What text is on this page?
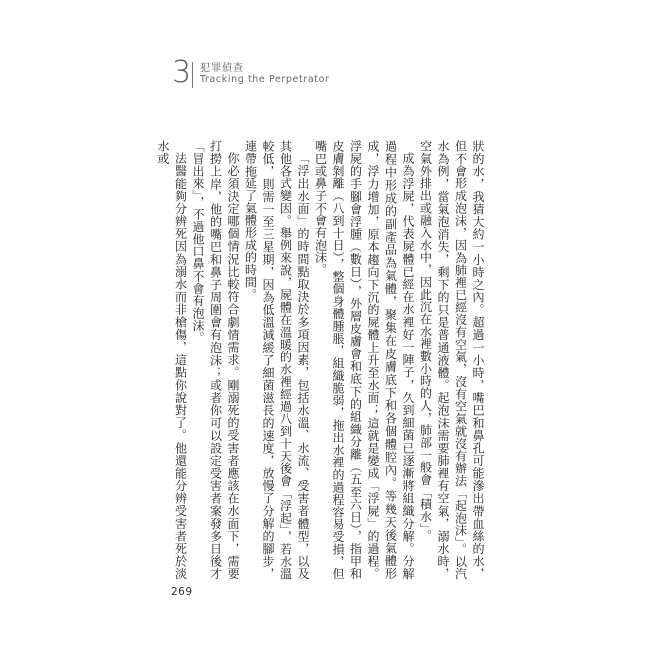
3 犯罪偵查
Tracking the Perpetrator

狀的水，我猜大約一小時之內。超過一小時，嘴巴和鼻孔可能滲出帶血絲的水，但不會形成泡沫，因為肺裡已經沒有空氣，沒有空氣就沒有辦法「起泡沫」。以汽水為例，當氣泡消失，剩下的只是普通液體。起泡沫需要肺裡有空氣，溺水時，空氣外排出或融入水中，因此沉在水裡數小時的人，肺部一般會「積水」。

成為浮屍，代表屍體已經在水裡好一陣子，久到細菌已逐漸將組織分解。分解過程中形成的副產品為氣體，聚集在皮膚底下和各個體腔內。等幾天後氣體形成，浮力增加，原本趨向下沉的屍體上升至水面；這就是變成「浮屍」的過程。浮屍的手腳會浮腫（數日），外層皮膚會和底下的組織分離（五至六日），指甲和皮膚剝離（八到十日），整個身體腫脹，組織脆弱，拖出水裡的過程容易受損，但嘴巴或鼻子不會有泡沫。

「浮出水面」的時間點取決於多項因素，包括水溫、水流、受害者體型，以及其他各式變因。舉例來說，屍體在溫暖的水裡經過八到十天後會「浮起」，若水溫較低，則需一至三星期，因為低溫減緩了細菌滋長的速度，放慢了分解的腳步，連帶拖延了氣體形成的時間。

你必須決定哪個情況比較符合劇情需求。剛溺死的受害者應該在水面下，需要打撈上岸，他的嘴巴和鼻子周圍會有泡沫；或者你可以設定受害者案發多日後才「冒出來」，不過他口鼻不會有泡沫。

法醫能夠分辨死因為溺水而非槍傷，這點你說對了。他還能分辨受害者死於淡水或

269
